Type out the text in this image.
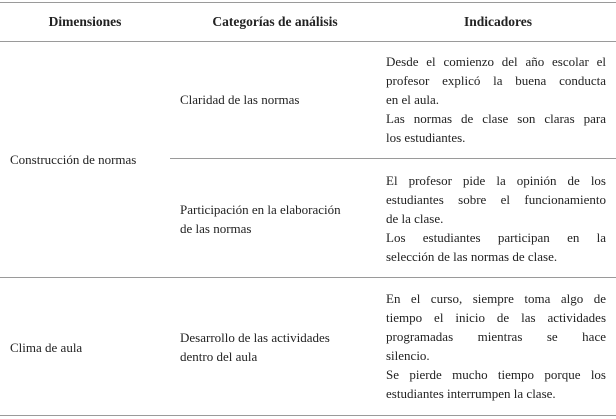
Dimensiones	Categorías de análisis	Indicadores
Construcción de normas
Claridad de las normas
Desde el comienzo del año escolar el
profesor explicó la buena conducta
en el aula.
Las normas de clase son claras para
los estudiantes.
Participación en la elaboración
de las normas
El profesor pide la opinión de los
estudiantes sobre el funcionamiento
de la clase.
Los estudiantes participan en la
selección de las normas de clase.
Clima de aula
Desarrollo de las actividades
dentro del aula
En el curso, siempre toma algo de
tiempo el inicio de las actividades
programadas mientras se hace
silencio.
Se pierde mucho tiempo porque los
estudiantes interrumpen la clase.
